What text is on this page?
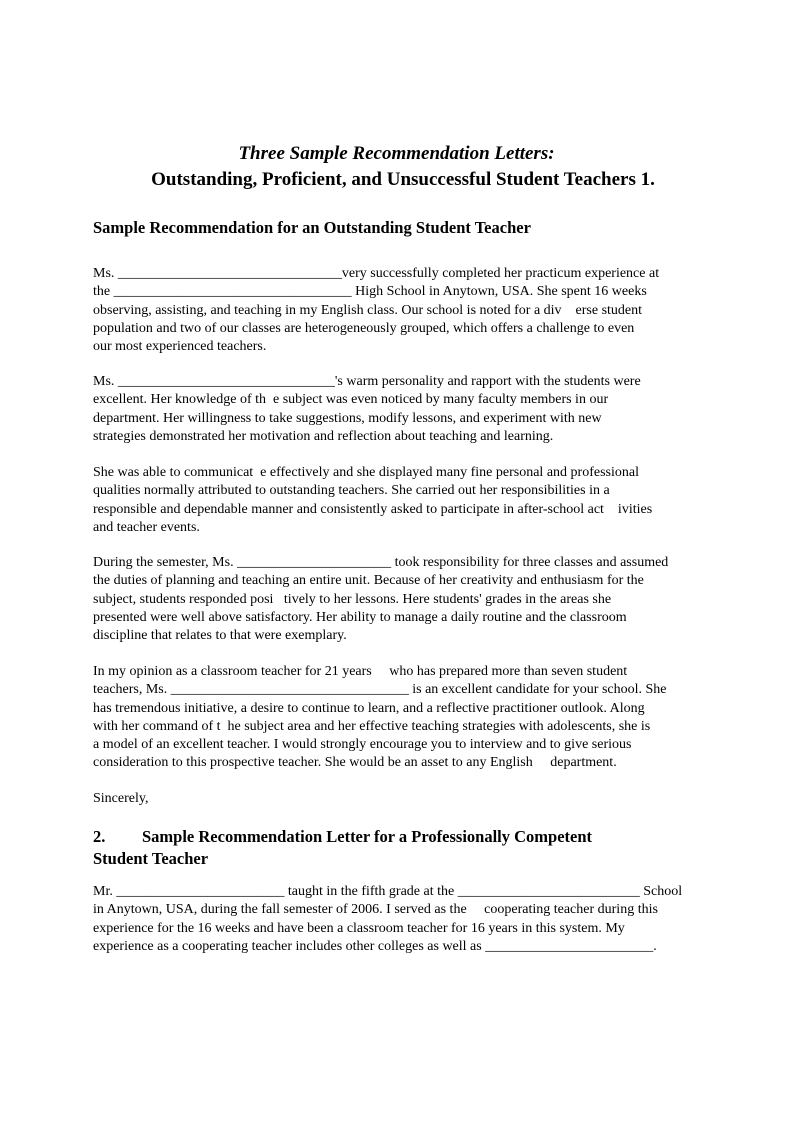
Three Sample Recommendation Letters:
Outstanding, Proficient, and Unsuccessful Student Teachers 1.
Sample Recommendation for an Outstanding Student Teacher
Ms. ________________________________very successfully completed her practicum experience at
the __________________________________ High School in Anytown, USA. She spent 16 weeks
observing, assisting, and teaching in my English class. Our school is noted for a div    erse student
population and two of our classes are heterogeneously grouped, which offers a challenge to even
our most experienced teachers.
Ms. _______________________________'s warm personality and rapport with the students were
excellent. Her knowledge of th  e subject was even noticed by many faculty members in our
department. Her willingness to take suggestions, modify lessons, and experiment with new
strategies demonstrated her motivation and reflection about teaching and learning.
She was able to communicat  e effectively and she displayed many fine personal and professional
qualities normally attributed to outstanding teachers. She carried out her responsibilities in a
responsible and dependable manner and consistently asked to participate in after-school act    ivities
and teacher events.
During the semester, Ms. ______________________ took responsibility for three classes and assumed
the duties of planning and teaching an entire unit. Because of her creativity and enthusiasm for the
subject, students responded posi   tively to her lessons. Here students' grades in the areas she
presented were well above satisfactory. Her ability to manage a daily routine and the classroom
discipline that relates to that were exemplary.
In my opinion as a classroom teacher for 21 years     who has prepared more than seven student
teachers, Ms. __________________________________ is an excellent candidate for your school. She
has tremendous initiative, a desire to continue to learn, and a reflective practitioner outlook. Along
with her command of t  he subject area and her effective teaching strategies with adolescents, she is
a model of an excellent teacher. I would strongly encourage you to interview and to give serious
consideration to this prospective teacher. She would be an asset to any English     department.
Sincerely,
2. Sample Recommendation Letter for a Professionally Competent
Student Teacher
Mr. ________________________ taught in the fifth grade at the __________________________ School
in Anytown, USA, during the fall semester of 2006. I served as the     cooperating teacher during this
experience for the 16 weeks and have been a classroom teacher for 16 years in this system. My
experience as a cooperating teacher includes other colleges as well as ________________________.
